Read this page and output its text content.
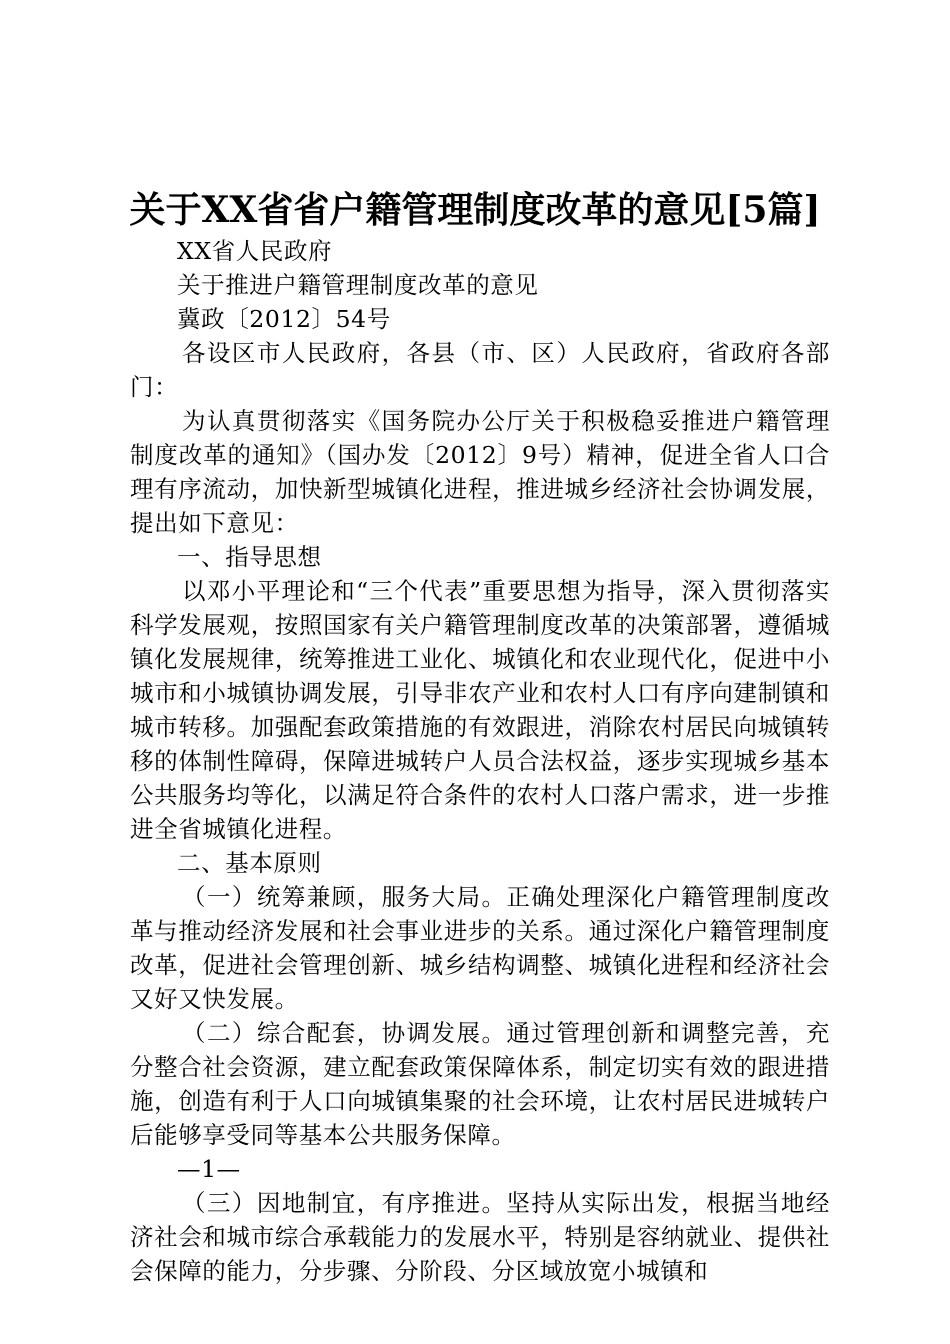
关于XX省省户籍管理制度改革的意见[5篇]

XX省人民政府

关于推进户籍管理制度改革的意见

冀政〔2012〕54号

各设区市人民政府，各县（市、区）人民政府，省政府各部门：

为认真贯彻落实《国务院办公厅关于积极稳妥推进户籍管理制度改革的通知》（国办发〔2012〕9号）精神，促进全省人口合理有序流动，加快新型城镇化进程，推进城乡经济社会协调发展，提出如下意见：

一、指导思想

以邓小平理论和“三个代表”重要思想为指导，深入贯彻落实科学发展观，按照国家有关户籍管理制度改革的决策部署，遵循城镇化发展规律，统筹推进工业化、城镇化和农业现代化，促进中小城市和小城镇协调发展，引导非农产业和农村人口有序向建制镇和城市转移。加强配套政策措施的有效跟进，消除农村居民向城镇转移的体制性障碍，保障进城转户人员合法权益，逐步实现城乡基本公共服务均等化，以满足符合条件的农村人口落户需求，进一步推进全省城镇化进程。

二、基本原则

（一）统筹兼顾，服务大局。正确处理深化户籍管理制度改革与推动经济发展和社会事业进步的关系。通过深化户籍管理制度改革，促进社会管理创新、城乡结构调整、城镇化进程和经济社会又好又快发展。

（二）综合配套，协调发展。通过管理创新和调整完善，充分整合社会资源，建立配套政策保障体系，制定切实有效的跟进措施，创造有利于人口向城镇集聚的社会环境，让农村居民进城转户后能够享受同等基本公共服务保障。

—1—

（三）因地制宜，有序推进。坚持从实际出发，根据当地经济社会和城市综合承载能力的发展水平，特别是容纳就业、提供社会保障的能力，分步骤、分阶段、分区域放宽小城镇和
